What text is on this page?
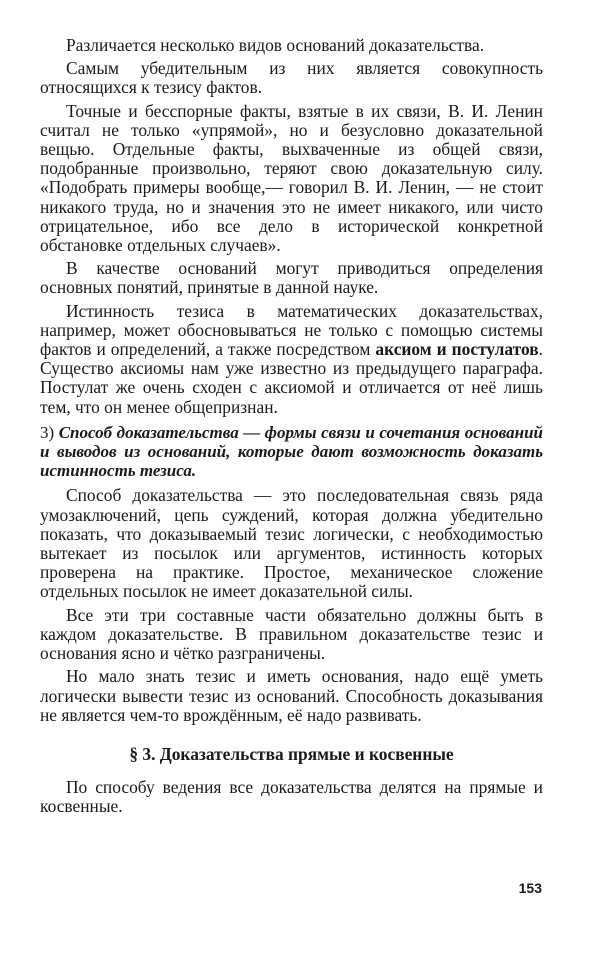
Различается несколько видов оснований доказательства.

Самым убедительным из них является совокупность относящихся к тезису фактов.

Точные и бесспорные факты, взятые в их связи, В. И. Ленин считал не только «упрямой», но и безусловно доказательной вещью. Отдельные факты, выхваченные из общей связи, подобранные произвольно, теряют свою доказательную силу. «Подобрать примеры вообще,— говорил В. И. Ленин, — не стоит никакого труда, но и значения это не имеет никакого, или чисто отрицательное, ибо все дело в исторической конкретной обстановке отдельных случаев».

В качестве оснований могут приводиться определения основных понятий, принятые в данной науке.

Истинность тезиса в математических доказательствах, например, может обосновываться не только с помощью системы фактов и определений, а также посредством аксиом и постулатов. Существо аксиомы нам уже известно из предыдущего параграфа. Постулат же очень сходен с аксиомой и отличается от неё лишь тем, что он менее общепризнан.

3) Способ доказательства — формы связи и сочетания оснований и выводов из оснований, которые дают возможность доказать истинность тезиса.

Способ доказательства — это последовательная связь ряда умозаключений, цепь суждений, которая должна убедительно показать, что доказываемый тезис логически, с необходимостью вытекает из посылок или аргументов, истинность которых проверена на практике. Простое, механическое сложение отдельных посылок не имеет доказательной силы.

Все эти три составные части обязательно должны быть в каждом доказательстве. В правильном доказательстве тезис и основания ясно и чётко разграничены.

Но мало знать тезис и иметь основания, надо ещё уметь логически вывести тезис из оснований. Способность доказывания не является чем-то врождённым, её надо развивать.

§ 3. Доказательства прямые и косвенные

По способу ведения все доказательства делятся на прямые и косвенные.

153
